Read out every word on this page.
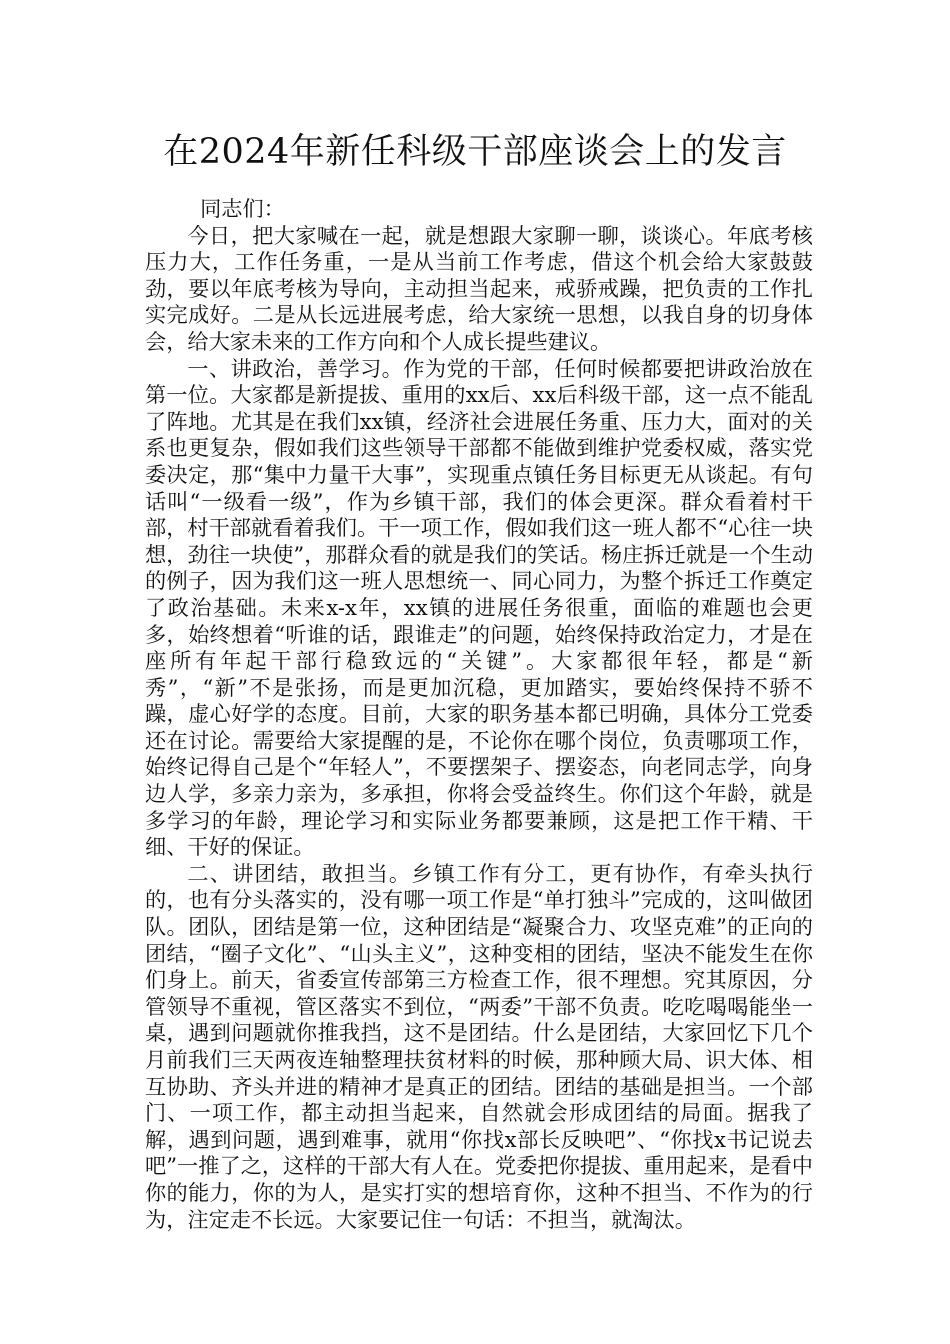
在2024年新任科级干部座谈会上的发言

同志们：

今日，把大家喊在一起，就是想跟大家聊一聊，谈谈心。年底考核压力大，工作任务重，一是从当前工作考虑，借这个机会给大家鼓鼓劲，要以年底考核为导向，主动担当起来，戒骄戒躁，把负责的工作扎实完成好。二是从长远进展考虑，给大家统一思想，以我自身的切身体会，给大家未来的工作方向和个人成长提些建议。

一、讲政治，善学习。作为党的干部，任何时候都要把讲政治放在第一位。大家都是新提拔、重用的xx后、xx后科级干部，这一点不能乱了阵地。尤其是在我们xx镇，经济社会进展任务重、压力大，面对的关系也更复杂，假如我们这些领导干部都不能做到维护党委权威，落实党委决定，那“集中力量干大事”，实现重点镇任务目标更无从谈起。有句话叫“一级看一级”，作为乡镇干部，我们的体会更深。群众看着村干部，村干部就看着我们。干一项工作，假如我们这一班人都不“心往一块想，劲往一块使”，那群众看的就是我们的笑话。杨庄拆迁就是一个生动的例子，因为我们这一班人思想统一、同心同力，为整个拆迁工作奠定了政治基础。未来x-x年，xx镇的进展任务很重，面临的难题也会更多，始终想着“听谁的话，跟谁走”的问题，始终保持政治定力，才是在座所有年起干部行稳致远的“关键”。大家都很年轻，都是“新秀”，“新”不是张扬，而是更加沉稳，更加踏实，要始终保持不骄不躁，虚心好学的态度。目前，大家的职务基本都已明确，具体分工党委还在讨论。需要给大家提醒的是，不论你在哪个岗位，负责哪项工作，始终记得自己是个“年轻人”，不要摆架子、摆姿态，向老同志学，向身边人学，多亲力亲为，多承担，你将会受益终生。你们这个年龄，就是多学习的年龄，理论学习和实际业务都要兼顾，这是把工作干精、干细、干好的保证。

二、讲团结，敢担当。乡镇工作有分工，更有协作，有牵头执行的，也有分头落实的，没有哪一项工作是“单打独斗”完成的，这叫做团队。团队，团结是第一位，这种团结是“凝聚合力、攻坚克难”的正向的团结，“圈子文化”、“山头主义”，这种变相的团结，坚决不能发生在你们身上。前天，省委宣传部第三方检查工作，很不理想。究其原因，分管领导不重视，管区落实不到位，“两委”干部不负责。吃吃喝喝能坐一桌，遇到问题就你推我挡，这不是团结。什么是团结，大家回忆下几个月前我们三天两夜连轴整理扶贫材料的时候，那种顾大局、识大体、相互协助、齐头并进的精神才是真正的团结。团结的基础是担当。一个部门、一项工作，都主动担当起来，自然就会形成团结的局面。据我了解，遇到问题，遇到难事，就用“你找x部长反映吧”、“你找x书记说去吧”一推了之，这样的干部大有人在。党委把你提拔、重用起来，是看中你的能力，你的为人，是实打实的想培育你，这种不担当、不作为的行为，注定走不长远。大家要记住一句话：不担当，就淘汰。
